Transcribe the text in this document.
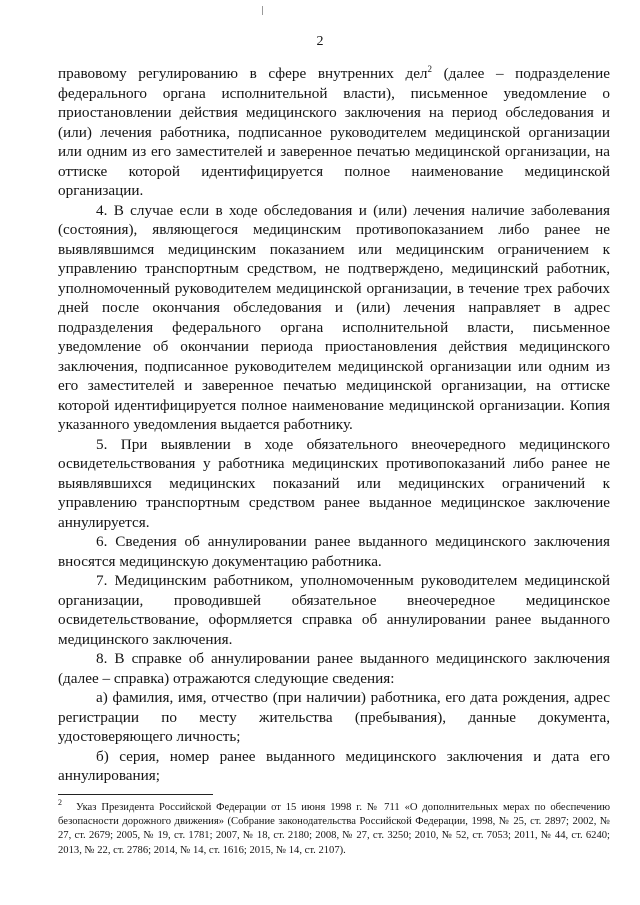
2

правовому регулированию в сфере внутренних дел$^2$ (далее – подразделение федерального органа исполнительной власти), письменное уведомление о приостановлении действия медицинского заключения на период обследования и (или) лечения работника, подписанное руководителем медицинской организации или одним из его заместителей и заверенное печатью медицинской организации, на оттиске которой идентифицируется полное наименование медицинской организации.

4. В случае если в ходе обследования и (или) лечения наличие заболевания (состояния), являющегося медицинским противопоказанием либо ранее не выявлявшимся медицинским показанием или медицинским ограничением к управлению транспортным средством, не подтверждено, медицинский работник, уполномоченный руководителем медицинской организации, в течение трех рабочих дней после окончания обследования и (или) лечения направляет в адрес подразделения федерального органа исполнительной власти, письменное уведомление об окончании периода приостановления действия медицинского заключения, подписанное руководителем медицинской организации или одним из его заместителей и заверенное печатью медицинской организации, на оттиске которой идентифицируется полное наименование медицинской организации. Копия указанного уведомления выдается работнику.

5. При выявлении в ходе обязательного внеочередного медицинского освидетельствования у работника медицинских противопоказаний либо ранее не выявлявшихся медицинских показаний или медицинских ограничений к управлению транспортным средством ранее выданное медицинское заключение аннулируется.

6. Сведения об аннулировании ранее выданного медицинского заключения вносятся медицинскую документацию работника.

7. Медицинским работником, уполномоченным руководителем медицинской организации, проводившей обязательное внеочередное медицинское освидетельствование, оформляется справка об аннулировании ранее выданного медицинского заключения.

8. В справке об аннулировании ранее выданного медицинского заключения (далее – справка) отражаются следующие сведения:

а) фамилия, имя, отчество (при наличии) работника, его дата рождения, адрес регистрации по месту жительства (пребывания), данные документа, удостоверяющего личность;

б) серия, номер ранее выданного медицинского заключения и дата его аннулирования;

$^2$ Указ Президента Российской Федерации от 15 июня 1998 г. № 711 «О дополнительных мерах по обеспечению безопасности дорожного движения» (Собрание законодательства Российской Федерации, 1998, № 25, ст. 2897; 2002, № 27, ст. 2679; 2005, № 19, ст. 1781; 2007, № 18, ст. 2180; 2008, № 27, ст. 3250; 2010, № 52, ст. 7053; 2011, № 44, ст. 6240; 2013, № 22, ст. 2786; 2014, № 14, ст. 1616; 2015, № 14, ст. 2107).
